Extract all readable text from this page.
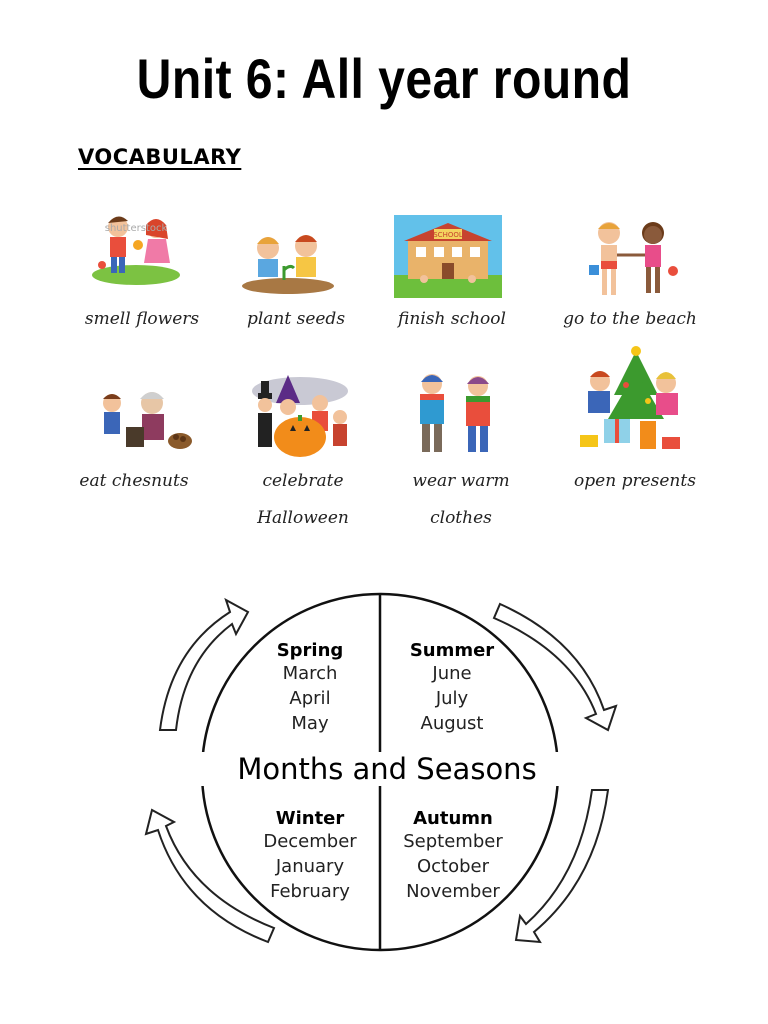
Unit 6: All year round
VOCABULARY
shutterstock
SCHOOL
smell flowers	plant seeds	finish school	go to the beach
eat chesnuts	celebrate
Halloween
wear warm
clothes
open presents
Spring
March
April
May
Summer
June
July
August
Months and Seasons
Winter
December
January
February
Autumn
September
October
November
